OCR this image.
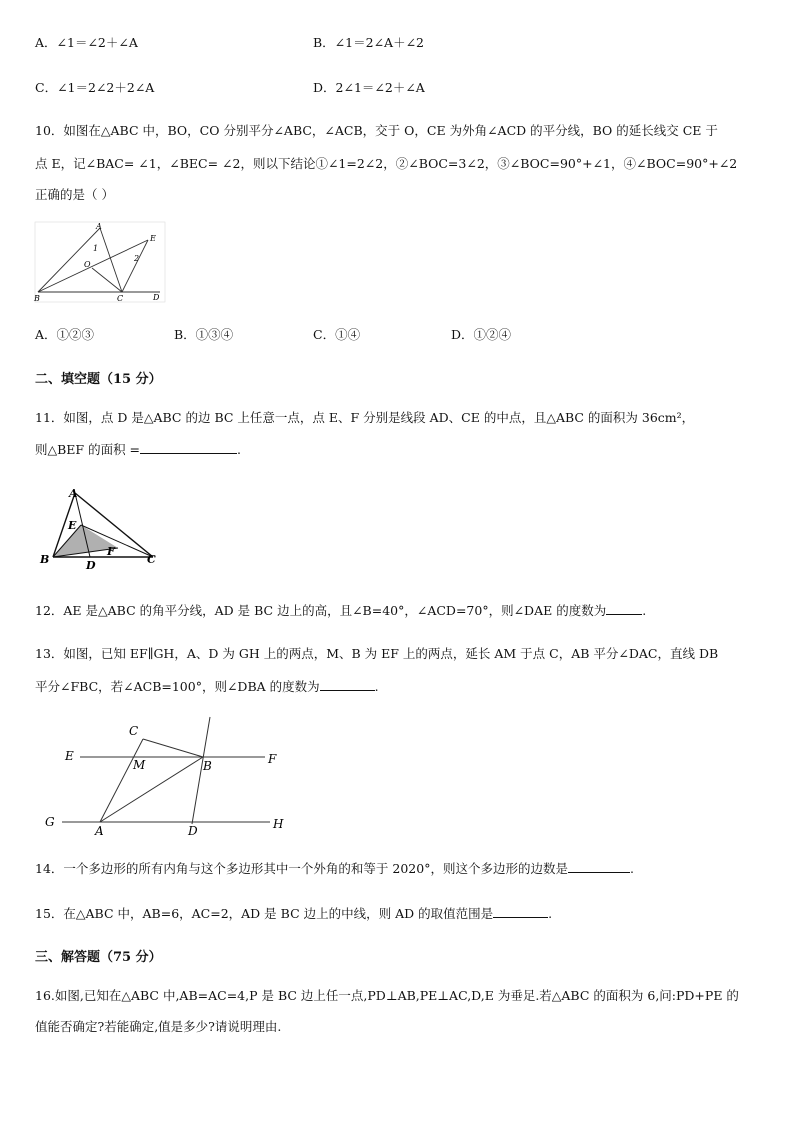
A．∠1＝∠2＋∠A	B．∠1＝2∠A＋∠2
C．∠1＝2∠2＋2∠A	D．2∠1＝∠2＋∠A
10．如图在△ABC 中，BO，CO 分别平分∠ABC，∠ACB，交于 O，CE 为外角∠ACD 的平分线，BO 的延长线交 CE 于
点 E，记∠BAC= ∠1，∠BEC= ∠2，则以下结论①∠1=2∠2，②∠BOC=3∠2，③∠BOC=90°+∠1，④∠BOC=90°+∠2
正确的是（ ）
A
E
O
1
2
B	C	D
A．①②③	B．①③④	C．①④	D．①②④
二、填空题（15 分）
11．如图，点 D 是△ABC 的边 BC 上任意一点，点 E、F 分别是线段 AD、CE 的中点，且△ABC 的面积为 36cm²，
则△BEF 的面积 =	.
A
E
F
B	D	C
12．AE 是△ABC 的角平分线，AD 是 BC 边上的高，且∠B=40°，∠ACD=70°，则∠DAE 的度数为	.
13．如图，已知 EF∥GH，A、D 为 GH 上的两点，M、B 为 EF 上的两点，延长 AM 于点 C，AB 平分∠DAC，直线 DB
平分∠FBC，若∠ACB=100°，则∠DBA 的度数为	.
C
E
M	B	F
G
A	D	H
14．一个多边形的所有内角与这个多边形其中一个外角的和等于 2020°，则这个多边形的边数是	.
15．在△ABC 中，AB=6，AC=2，AD 是 BC 边上的中线，则 AD 的取值范围是	.
三、解答题（75 分）
16.如图,已知在△ABC 中,AB=AC=4,P 是 BC 边上任一点,PD⊥AB,PE⊥AC,D,E 为垂足.若△ABC 的面积为 6,问:PD+PE 的
值能否确定?若能确定,值是多少?请说明理由.
